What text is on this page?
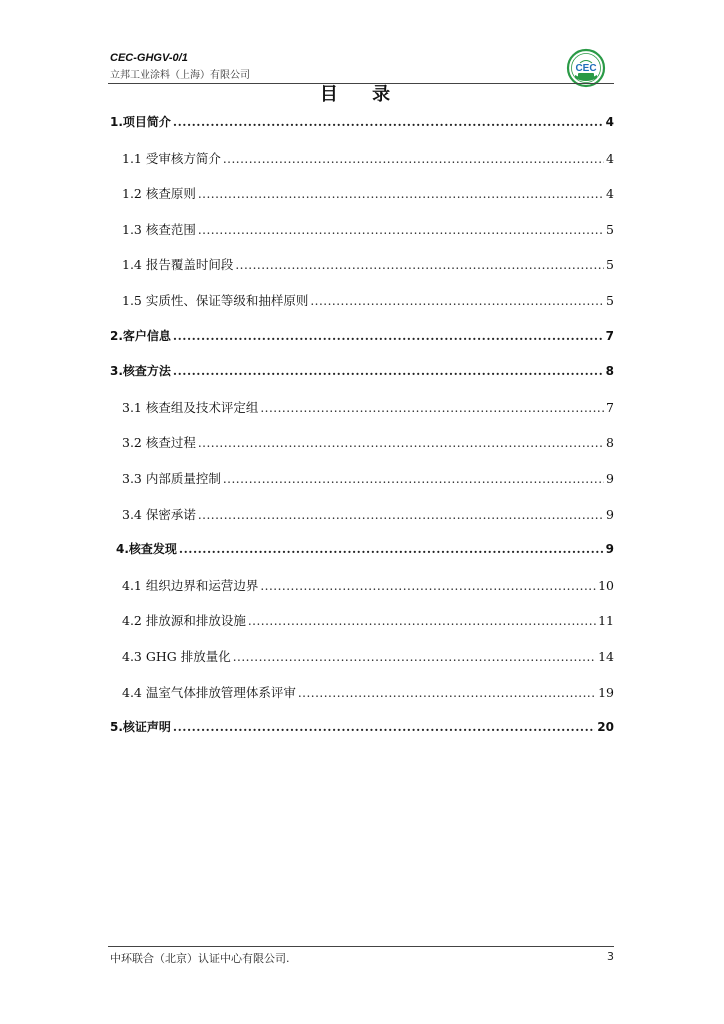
CEC-GHGV-0/1
立邦工业涂料（上海）有限公司
CEC
目 录
1.项目简介 .....	4
1.1 受审核方简介 .....	4
1.2 核查原则 .....	4
1.3 核查范围 .....	5
1.4 报告覆盖时间段 .....	5
1.5 实质性、保证等级和抽样原则 .....	5
2.客户信息 .....	7
3.核查方法 .....	8
3.1 核查组及技术评定组 .....	7
3.2 核查过程 .....	8
3.3 内部质量控制 .....	9
3.4 保密承诺 .....	9
4.核查发现 .....	9
4.1 组织边界和运营边界 .....	10
4.2 排放源和排放设施 .....	11
4.3 GHG 排放量化 .....	14
4.4 温室气体排放管理体系评审 .....	19
5.核证声明 .....	20
中环联合（北京）认证中心有限公司.	3
